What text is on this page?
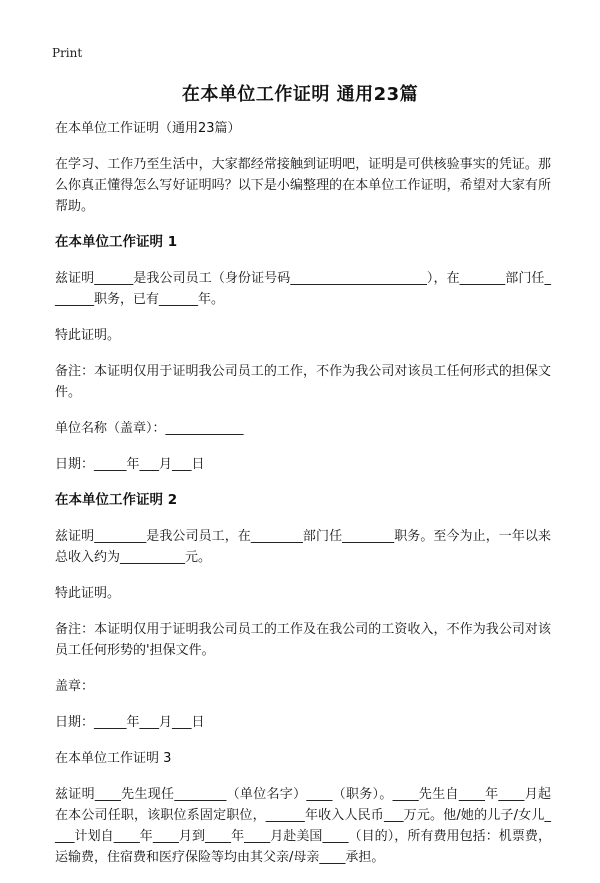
Print
在本单位工作证明 通用23篇

在本单位工作证明（通用23篇）

在学习、工作乃至生活中，大家都经常接触到证明吧，证明是可供核验事实的凭证。那么你真正懂得怎么写好证明吗？以下是小编整理的在本单位工作证明，希望对大家有所帮助。

在本单位工作证明 1

兹证明______是我公司员工（身份证号码_____________________），在_______部门任_______职务，已有______年。

特此证明。

备注：本证明仅用于证明我公司员工的工作，不作为我公司对该员工任何形式的担保文件。

单位名称（盖章）：____________

日期：_____年___月___日

在本单位工作证明 2

兹证明________是我公司员工，在________部门任________职务。至今为止，一年以来总收入约为__________元。

特此证明。

备注：本证明仅用于证明我公司员工的工作及在我公司的工资收入，不作为我公司对该员工任何形势的'担保文件。

盖章：

日期：_____年___月___日

在本单位工作证明 3

兹证明____先生现任________（单位名字）____（职务）。____先生自____年____月起在本公司任职，该职位系固定职位，______年收入人民币___万元。他/她的儿子/女儿____计划自____年____月到____年____月赴美国____（目的），所有费用包括：机票费，运输费，住宿费和医疗保险等均由其父亲/母亲____承担。
